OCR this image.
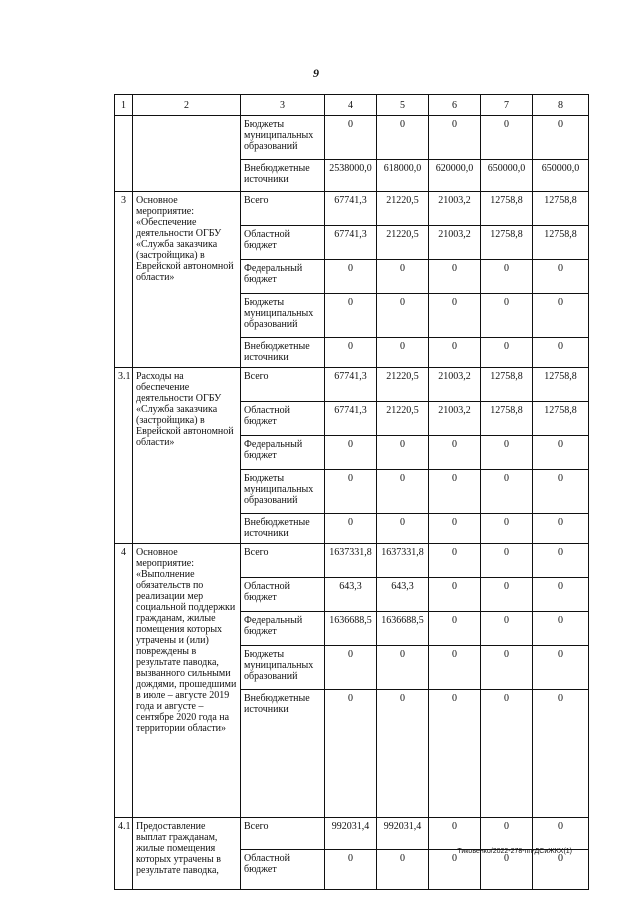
9
1	2	3	4	5	6	7	8
		Бюджеты муниципальных образований	0	0	0	0	0
		Внебюджетные источники	2538000,0	618000,0	620000,0	650000,0	650000,0
3	Основное мероприятие: «Обеспечение деятельности ОГБУ «Служба заказчика (застройщика) в Еврейской автономной области»	Всего	67741,3	21220,5	21003,2	12758,8	12758,8
		Областной бюджет	67741,3	21220,5	21003,2	12758,8	12758,8
		Федеральный бюджет	0	0	0	0	0
		Бюджеты муниципальных образований	0	0	0	0	0
		Внебюджетные источники	0	0	0	0	0
3.1	Расходы на обеспечение деятельности ОГБУ «Служба заказчика (застройщика) в Еврейской автономной области»	Всего	67741,3	21220,5	21003,2	12758,8	12758,8
		Областной бюджет	67741,3	21220,5	21003,2	12758,8	12758,8
		Федеральный бюджет	0	0	0	0	0
		Бюджеты муниципальных образований	0	0	0	0	0
		Внебюджетные источники	0	0	0	0	0
4	Основное мероприятие: «Выполнение обязательств по реализации мер социальной поддержки гражданам, жилые помещения которых утрачены и (или) повреждены в результате паводка, вызванного сильными дождями, прошедшими в июле – августе 2019 года и августе – сентябре 2020 года на территории области»	Всего	1637331,8	1637331,8	0	0	0
		Областной бюджет	643,3	643,3	0	0	0
		Федеральный бюджет	1636688,5	1636688,5	0	0	0
		Бюджеты муниципальных образований	0	0	0	0	0
		Внебюджетные источники	0	0	0	0	0
4.1	Предоставление выплат гражданам, жилые помещения которых утрачены в результате паводка,	Всего	992031,4	992031,4	0	0	0
		Областной бюджет	0	0	0	0	0
Тиковенко/2022-278-пп-ДСиЖКХ(1)
